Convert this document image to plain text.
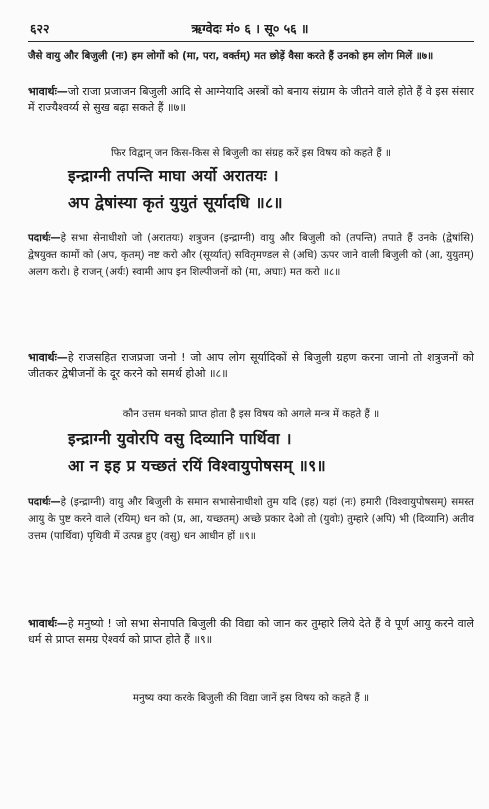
६२२	ऋग्वेदः मं० ६ । सू० ५६ ॥

जैसे वायु और बिजुली (नः) हम लोगों को (मा, परा, वर्क्तम्) मत छोड़ें वैसा करते हैं उनको हम लोग मिलें ॥७॥

भावार्थः—जो राजा प्रजाजन बिजुली आदि से आग्नेयादि अस्त्रों को बनाय संग्राम के जीतने वाले होते हैं वे इस संसार में राज्यैश्वर्य्य से सुख बढ़ा सकते हैं ॥७॥

फिर विद्वान् जन किस-किस से बिजुली का संग्रह करें इस विषय को कहते हैं ॥

इन्द्राग्नी तपन्ति माघा अर्यो अरातयः ।
अप द्वेषांस्या कृतं युयुतं सूर्यादधि ॥८॥

पदार्थः—हे सभा सेनाधीशो जो (अरातयः) शत्रुजन (इन्द्राग्नी) वायु और बिजुली को (तपन्ति) तपाते हैं उनके (द्वेषांसि) द्वेषयुक्त कामों को (अप, कृतम्) नष्ट करो और (सूर्य्यात्) सवितृमण्डल से (अधि) ऊपर जाने वाली बिजुली को (आ, युयुतम्) अलग करो। हे राजन् (अर्यः) स्वामी आप इन शिल्पीजनों को (मा, अघाः) मत करो ॥८॥

भावार्थः—हे राजसहित राजप्रजा जनो ! जो आप लोग सूर्यादिकों से बिजुली ग्रहण करना जानो तो शत्रुजनों को जीतकर द्वेषीजनों के दूर करने को समर्थ होओ ॥८॥

कौन उत्तम धनको प्राप्त होता है इस विषय को अगले मन्त्र में कहते हैं ॥

इन्द्राग्नी युवोरपि वसु दिव्यानि पार्थिवा ।
आ न इह प्र यच्छतं रयिं विश्वायुपोषसम् ॥९॥

पदार्थः—हे (इन्द्राग्नी) वायु और बिजुली के समान सभासेनाधीशो तुम यदि (इह) यहां (नः) हमारी (विश्वायुपोषसम्) समस्त आयु के पुष्ट करने वाले (रयिम्) धन को (प्र, आ, यच्छतम्) अच्छे प्रकार देओ तो (युवोः) तुम्हारे (अपि) भी (दिव्यानि) अतीव उत्तम (पार्थिवा) पृथिवी में उत्पन्न हुए (वसु) धन आधीन हों ॥९॥

भावार्थः—हे मनुष्यो ! जो सभा सेनापति बिजुली की विद्या को जान कर तुम्हारे लिये देते हैं वे पूर्ण आयु करने वाले धर्म से प्राप्त समग्र ऐश्वर्य को प्राप्त होते हैं ॥९॥

मनुष्य क्या करके बिजुली की विद्या जानें इस विषय को कहते हैं ॥
